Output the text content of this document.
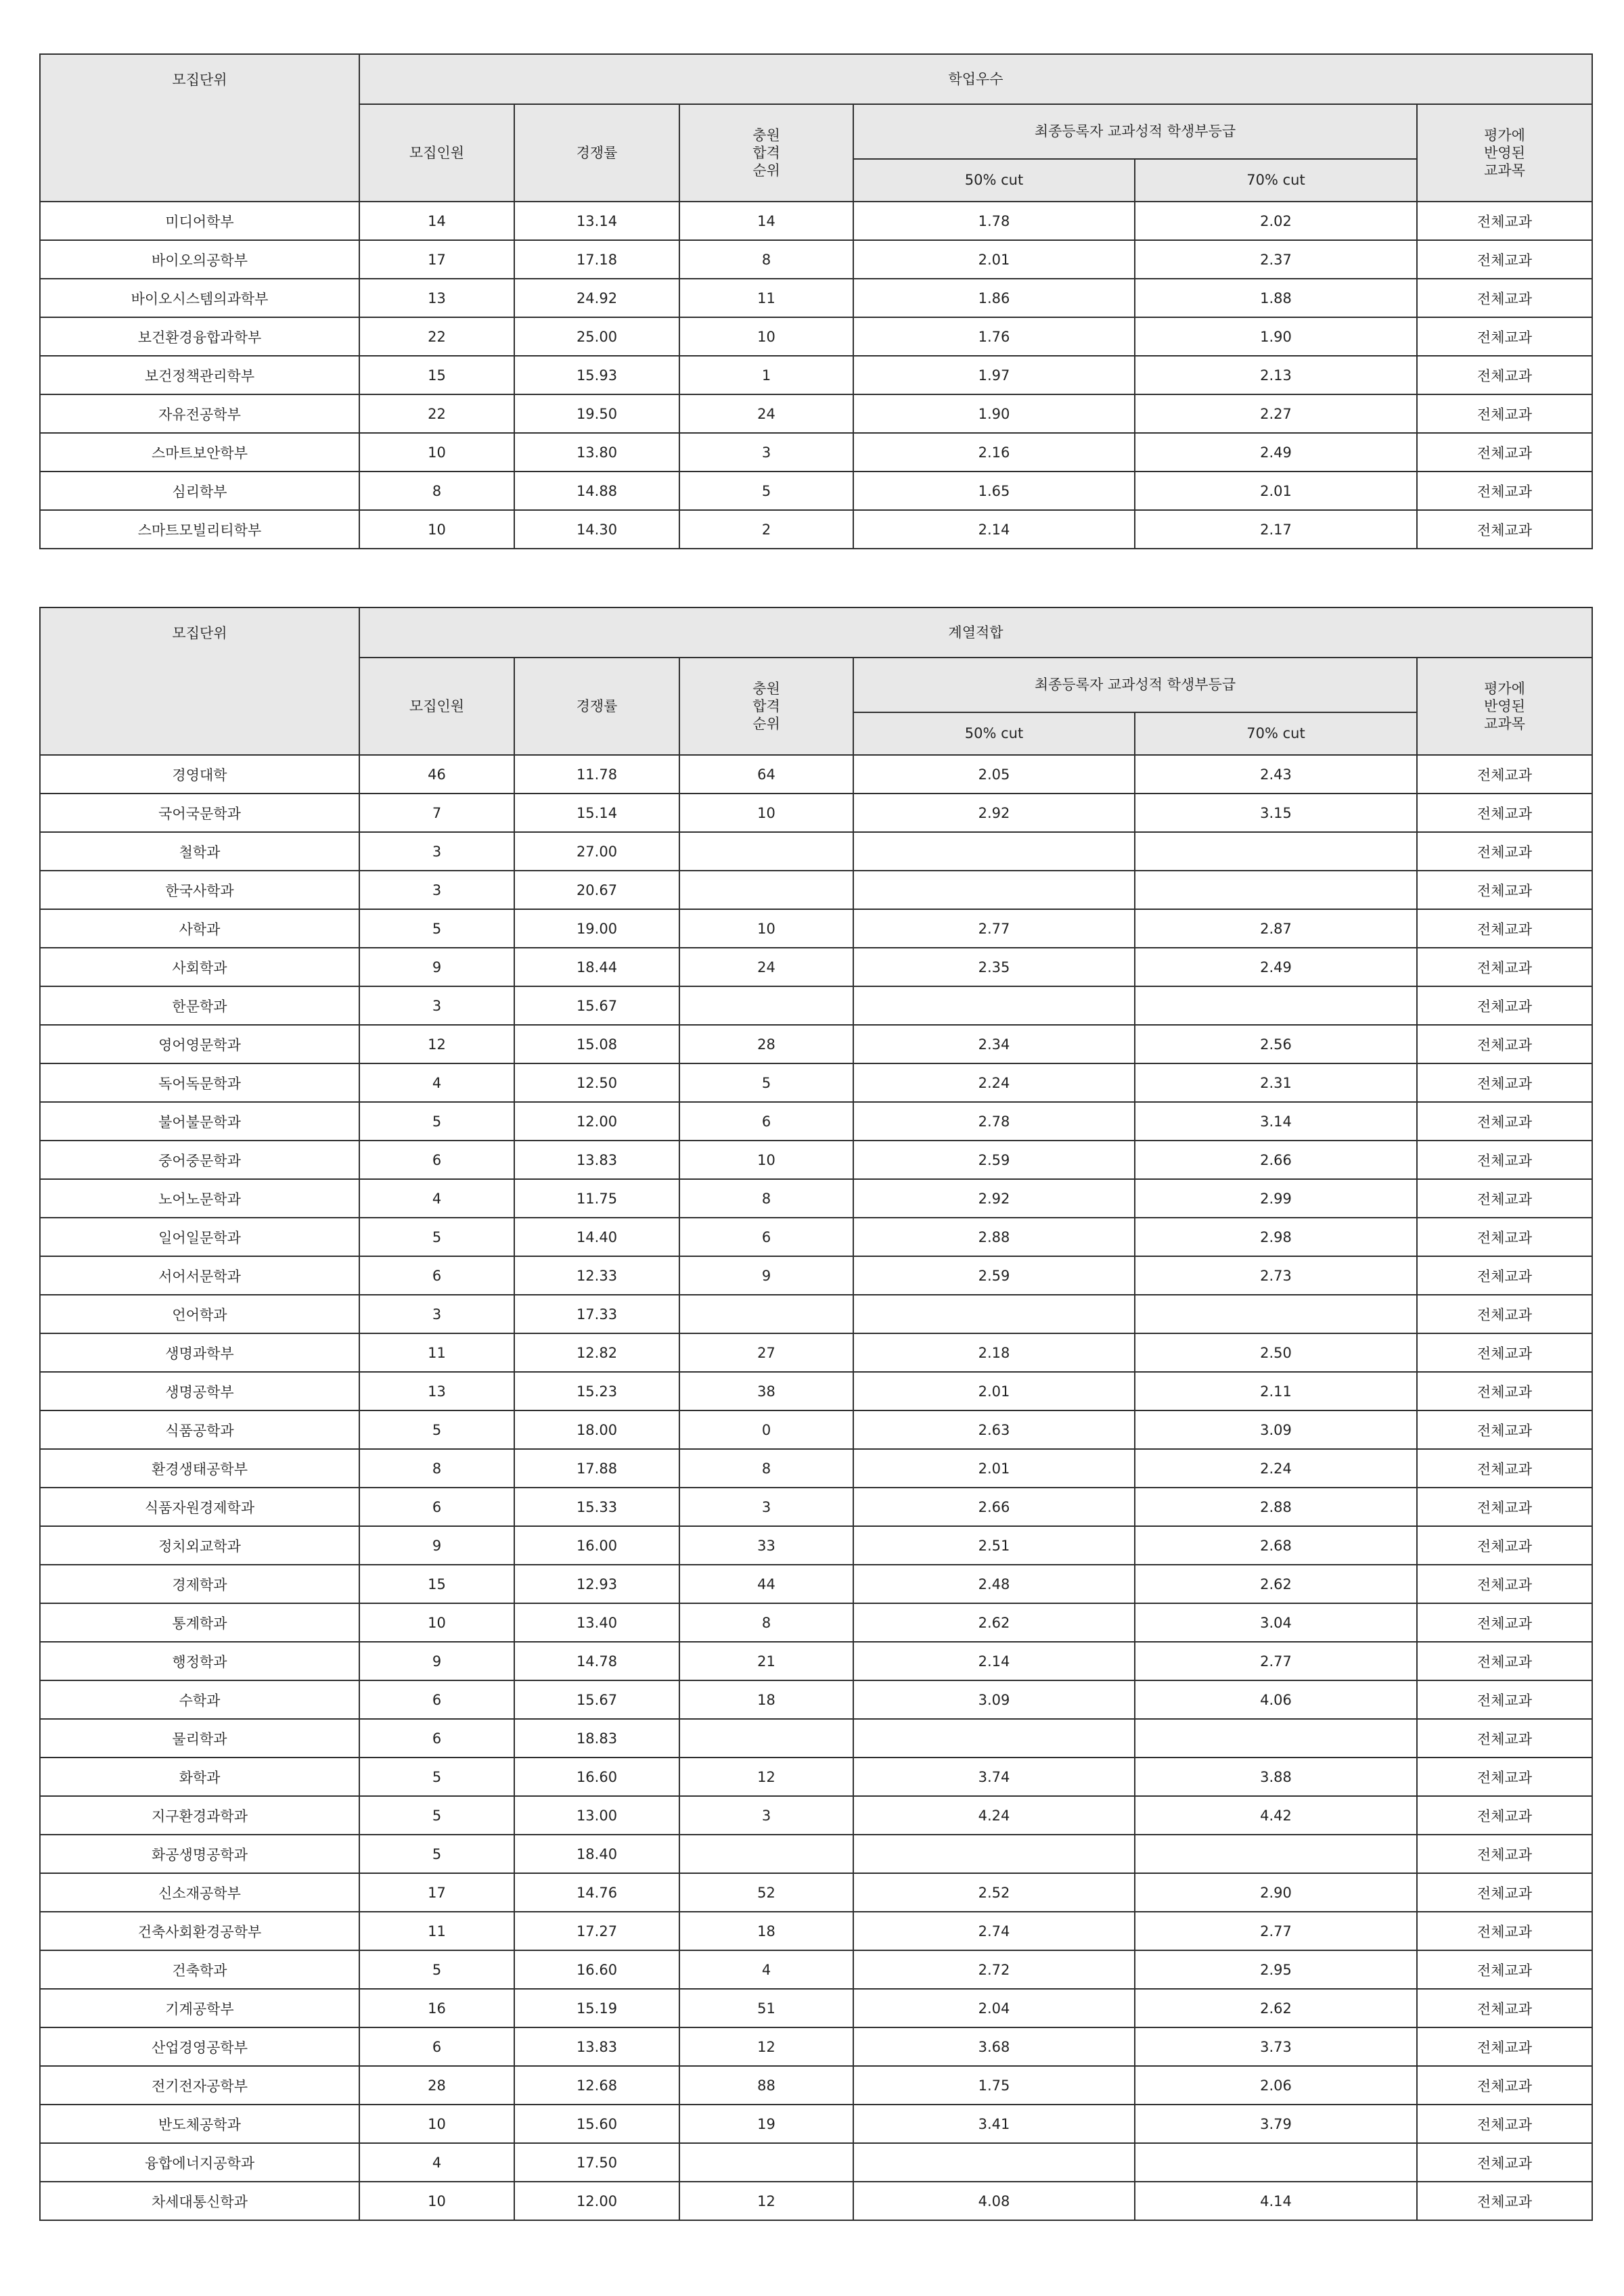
모집단위	학업우수					
	모집인원	경쟁률	충원
합격
순위	최종등록자 교과성적 학생부등급		평가에
반영된
교과목
				50% cut	70% cut	
미디어학부	14	13.14	14	1.78	2.02	전체교과
바이오의공학부	17	17.18	8	2.01	2.37	전체교과
바이오시스템의과학부	13	24.92	11	1.86	1.88	전체교과
보건환경융합과학부	22	25.00	10	1.76	1.90	전체교과
보건정책관리학부	15	15.93	1	1.97	2.13	전체교과
자유전공학부	22	19.50	24	1.90	2.27	전체교과
스마트보안학부	10	13.80	3	2.16	2.49	전체교과
심리학부	8	14.88	5	1.65	2.01	전체교과
스마트모빌리티학부	10	14.30	2	2.14	2.17	전체교과
모집단위	계열적합					
	모집인원	경쟁률	충원
합격
순위	최종등록자 교과성적 학생부등급		평가에
반영된
교과목
				50% cut	70% cut	
경영대학	46	11.78	64	2.05	2.43	전체교과
국어국문학과	7	15.14	10	2.92	3.15	전체교과
철학과	3	27.00				전체교과
한국사학과	3	20.67				전체교과
사학과	5	19.00	10	2.77	2.87	전체교과
사회학과	9	18.44	24	2.35	2.49	전체교과
한문학과	3	15.67				전체교과
영어영문학과	12	15.08	28	2.34	2.56	전체교과
독어독문학과	4	12.50	5	2.24	2.31	전체교과
불어불문학과	5	12.00	6	2.78	3.14	전체교과
중어중문학과	6	13.83	10	2.59	2.66	전체교과
노어노문학과	4	11.75	8	2.92	2.99	전체교과
일어일문학과	5	14.40	6	2.88	2.98	전체교과
서어서문학과	6	12.33	9	2.59	2.73	전체교과
언어학과	3	17.33				전체교과
생명과학부	11	12.82	27	2.18	2.50	전체교과
생명공학부	13	15.23	38	2.01	2.11	전체교과
식품공학과	5	18.00	0	2.63	3.09	전체교과
환경생태공학부	8	17.88	8	2.01	2.24	전체교과
식품자원경제학과	6	15.33	3	2.66	2.88	전체교과
정치외교학과	9	16.00	33	2.51	2.68	전체교과
경제학과	15	12.93	44	2.48	2.62	전체교과
통계학과	10	13.40	8	2.62	3.04	전체교과
행정학과	9	14.78	21	2.14	2.77	전체교과
수학과	6	15.67	18	3.09	4.06	전체교과
물리학과	6	18.83				전체교과
화학과	5	16.60	12	3.74	3.88	전체교과
지구환경과학과	5	13.00	3	4.24	4.42	전체교과
화공생명공학과	5	18.40				전체교과
신소재공학부	17	14.76	52	2.52	2.90	전체교과
건축사회환경공학부	11	17.27	18	2.74	2.77	전체교과
건축학과	5	16.60	4	2.72	2.95	전체교과
기계공학부	16	15.19	51	2.04	2.62	전체교과
산업경영공학부	6	13.83	12	3.68	3.73	전체교과
전기전자공학부	28	12.68	88	1.75	2.06	전체교과
반도체공학과	10	15.60	19	3.41	3.79	전체교과
융합에너지공학과	4	17.50				전체교과
차세대통신학과	10	12.00	12	4.08	4.14	전체교과
